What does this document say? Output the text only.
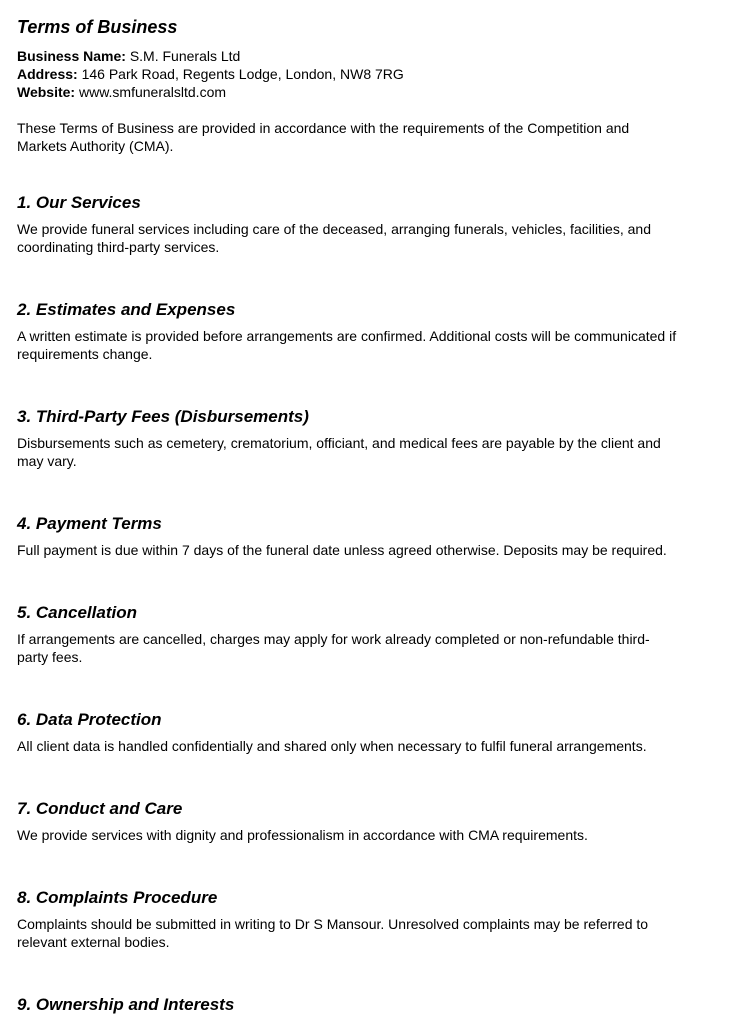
Terms of Business

Business Name: S.M. Funerals Ltd

Address: 146 Park Road, Regents Lodge, London, NW8 7RG

Website: www.smfuneralsltd.com

These Terms of Business are provided in accordance with the requirements of the Competition and Markets Authority (CMA).

1. Our Services

We provide funeral services including care of the deceased, arranging funerals, vehicles, facilities, and coordinating third-party services.

2. Estimates and Expenses

A written estimate is provided before arrangements are confirmed. Additional costs will be communicated if requirements change.

3. Third-Party Fees (Disbursements)

Disbursements such as cemetery, crematorium, officiant, and medical fees are payable by the client and may vary.

4. Payment Terms

Full payment is due within 7 days of the funeral date unless agreed otherwise. Deposits may be required.

5. Cancellation

If arrangements are cancelled, charges may apply for work already completed or non-refundable third-party fees.

6. Data Protection

All client data is handled confidentially and shared only when necessary to fulfil funeral arrangements.

7. Conduct and Care

We provide services with dignity and professionalism in accordance with CMA requirements.

8. Complaints Procedure

Complaints should be submitted in writing to Dr S Mansour. Unresolved complaints may be referred to relevant external bodies.

9. Ownership and Interests
